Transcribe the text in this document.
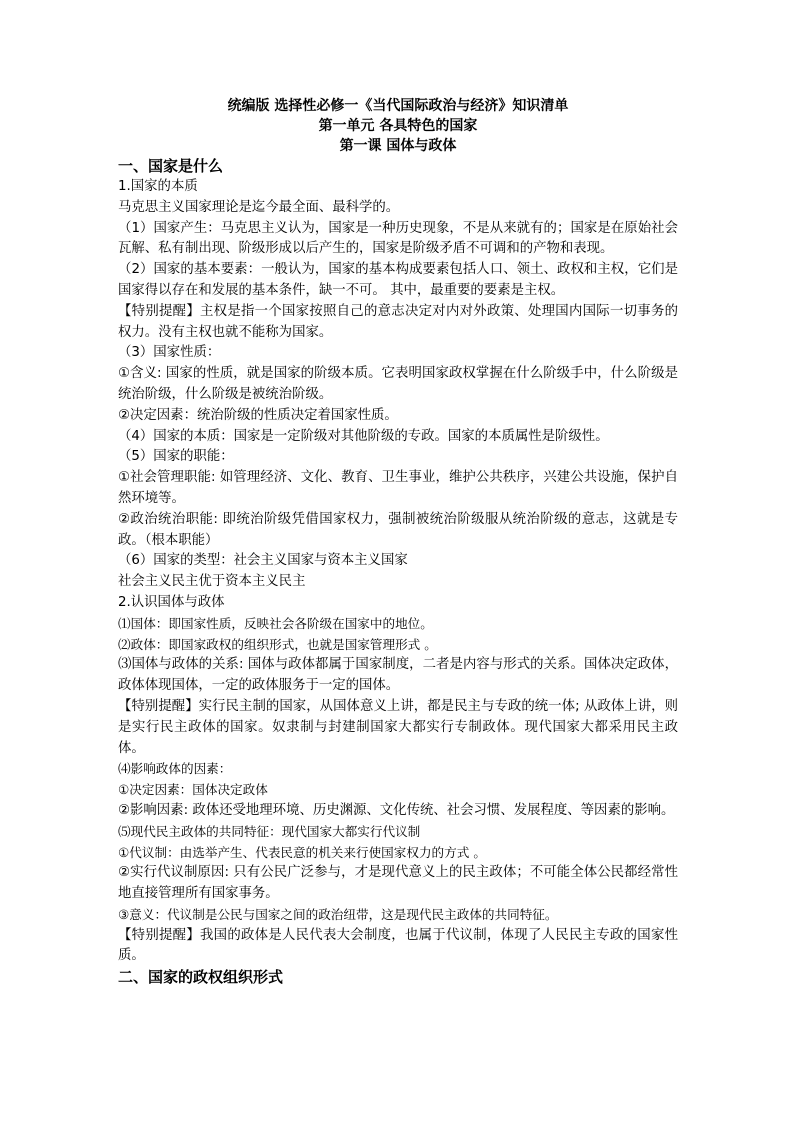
统编版 选择性必修一《当代国际政治与经济》知识清单
第一单元 各具特色的国家
第一课 国体与政体
一、国家是什么
1.国家的本质
马克思主义国家理论是迄今最全面、最科学的。
（1）国家产生：马克思主义认为，国家是一种历史现象，不是从来就有的；国家是在原始社会瓦解、私有制出现、阶级形成以后产生的，国家是阶级矛盾不可调和的产物和表现。
（2）国家的基本要素：一般认为，国家的基本构成要素包括人口、领土、政权和主权，它们是国家得以存在和发展的基本条件，缺一不可。 其中，最重要的要素是主权。
【特别提醒】主权是指一个国家按照自己的意志决定对内对外政策、处理国内国际一切事务的权力。没有主权也就不能称为国家。
（3）国家性质：
①含义: 国家的性质，就是国家的阶级本质。它表明国家政权掌握在什么阶级手中，什么阶级是统治阶级，什么阶级是被统治阶级。
②决定因素：统治阶级的性质决定着国家性质。
（4）国家的本质：国家是一定阶级对其他阶级的专政。国家的本质属性是阶级性。
（5）国家的职能：
①社会管理职能: 如管理经济、文化、教育、卫生事业，维护公共秩序，兴建公共设施，保护自然环境等。
②政治统治职能: 即统治阶级凭借国家权力，强制被统治阶级服从统治阶级的意志，这就是专政。（根本职能）
（6）国家的类型：社会主义国家与资本主义国家
社会主义民主优于资本主义民主
2.认识国体与政体
⑴国体：即国家性质，反映社会各阶级在国家中的地位。
⑵政体：即国家政权的组织形式，也就是国家管理形式 。
⑶国体与政体的关系: 国体与政体都属于国家制度，二者是内容与形式的关系。国体决定政体，政体体现国体，一定的政体服务于一定的国体。
【特别提醒】实行民主制的国家，从国体意义上讲，都是民主与专政的统一体; 从政体上讲，则是实行民主政体的国家。奴隶制与封建制国家大都实行专制政体。现代国家大都采用民主政体。
⑷影响政体的因素：
①决定因素：国体决定政体
②影响因素: 政体还受地理环境、历史渊源、文化传统、社会习惯、发展程度、等因素的影响。
⑸现代民主政体的共同特征：现代国家大都实行代议制
①代议制：由选举产生、代表民意的机关来行使国家权力的方式 。
②实行代议制原因: 只有公民广泛参与，才是现代意义上的民主政体；不可能全体公民都经常性地直接管理所有国家事务。
③意义：代议制是公民与国家之间的政治纽带，这是现代民主政体的共同特征。
【特别提醒】我国的政体是人民代表大会制度，也属于代议制，体现了人民民主专政的国家性质。
二、国家的政权组织形式
